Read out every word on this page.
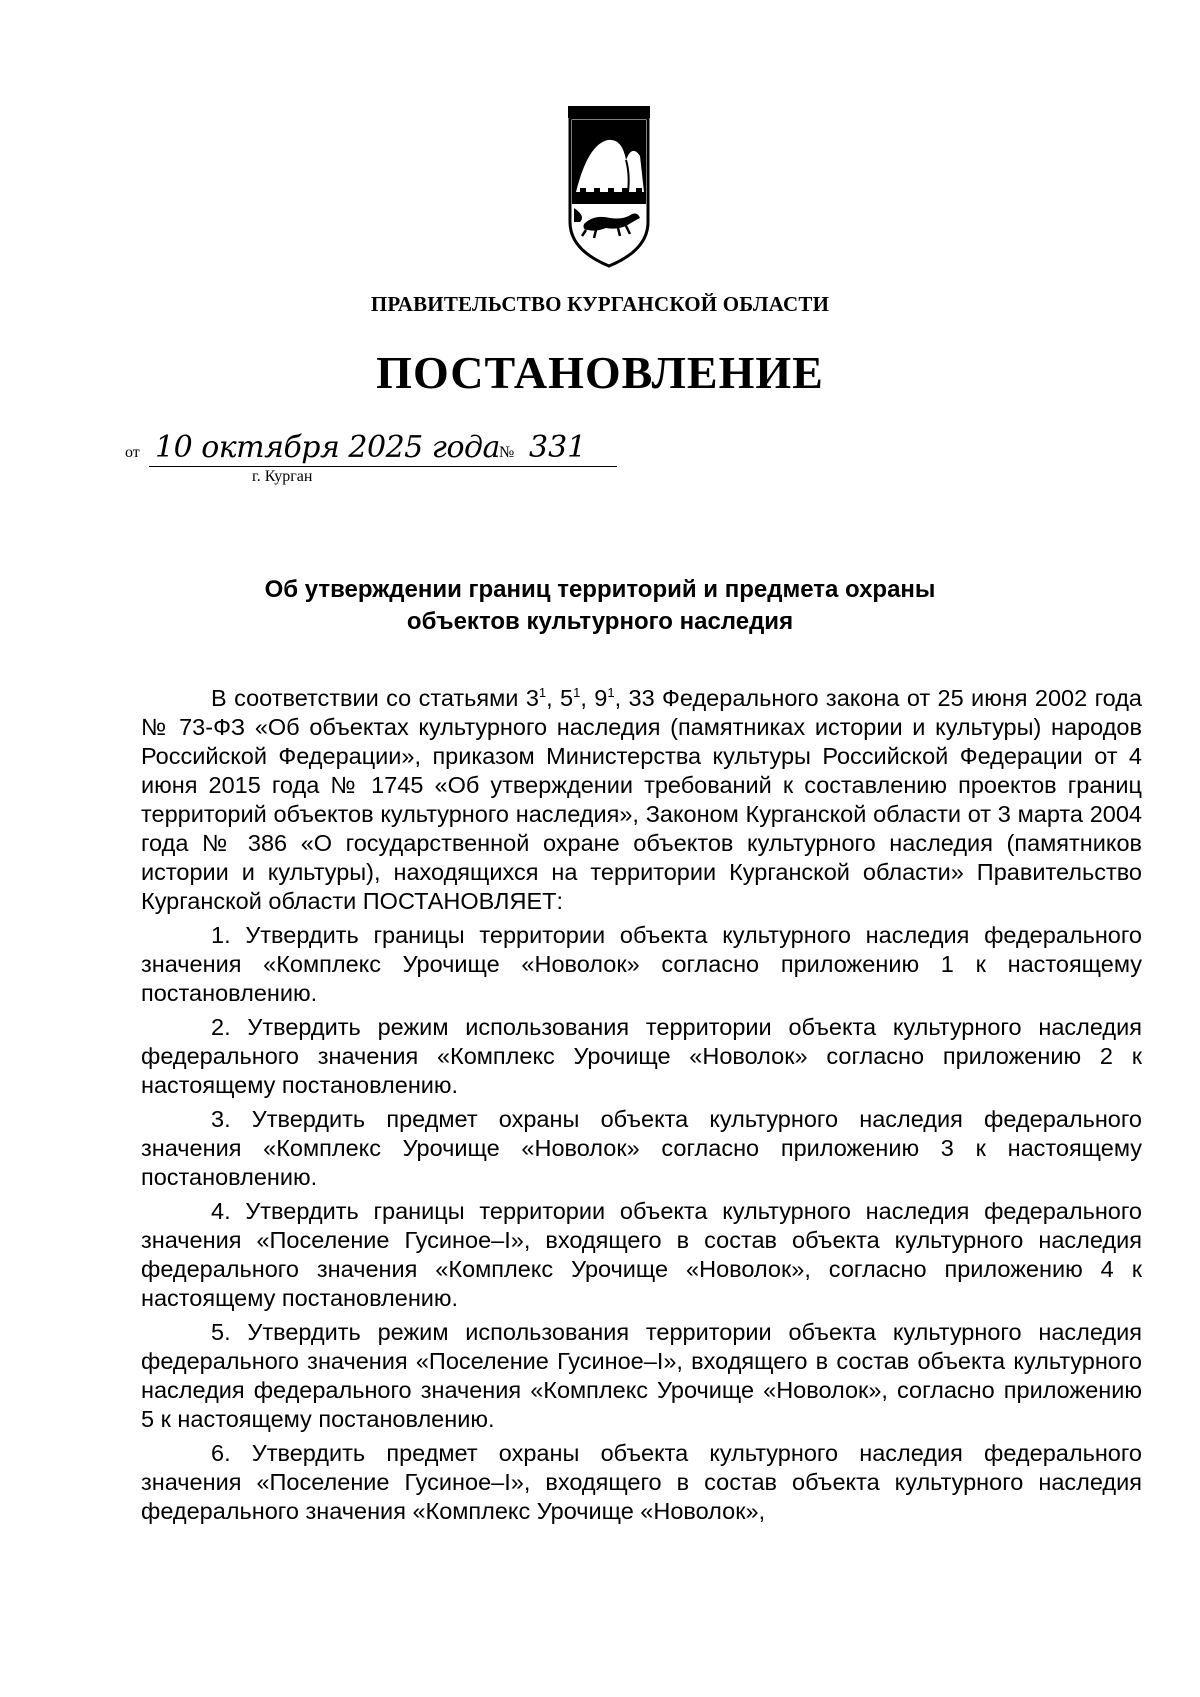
ПРАВИТЕЛЬСТВО КУРГАНСКОЙ ОБЛАСТИ
ПОСТАНОВЛЕНИЕ
от 10 октября 2025 года № 331
г. Курган
Об утверждении границ территорий и предмета охраны
объектов культурного наследия

В соответствии со статьями $3^1$, $5^1$, $9^1$, 33 Федерального закона от 25 июня 2002 года № 73-ФЗ «Об объектах культурного наследия (памятниках истории и культуры) народов Российской Федерации», приказом Министерства культуры Российской Федерации от 4 июня 2015 года № 1745 «Об утверждении требований к составлению проектов границ территорий объектов культурного наследия», Законом Курганской области от 3 марта 2004 года № 386 «О государственной охране объектов культурного наследия (памятников истории и культуры), находящихся на территории Курганской области» Правительство Курганской области ПОСТАНОВЛЯЕТ:

1. Утвердить границы территории объекта культурного наследия федерального значения «Комплекс Урочище «Новолок» согласно приложению 1 к настоящему постановлению.

2. Утвердить режим использования территории объекта культурного наследия федерального значения «Комплекс Урочище «Новолок» согласно приложению 2 к настоящему постановлению.

3. Утвердить предмет охраны объекта культурного наследия федерального значения «Комплекс Урочище «Новолок» согласно приложению 3 к настоящему постановлению.

4. Утвердить границы территории объекта культурного наследия федерального значения «Поселение Гусиное–I», входящего в состав объекта культурного наследия федерального значения «Комплекс Урочище «Новолок», согласно приложению 4 к настоящему постановлению.

5. Утвердить режим использования территории объекта культурного наследия федерального значения «Поселение Гусиное–I», входящего в состав объекта культурного наследия федерального значения «Комплекс Урочище «Новолок», согласно приложению 5 к настоящему постановлению.

6. Утвердить предмет охраны объекта культурного наследия федерального значения «Поселение Гусиное–I», входящего в состав объекта культурного наследия федерального значения «Комплекс Урочище «Новолок»,
